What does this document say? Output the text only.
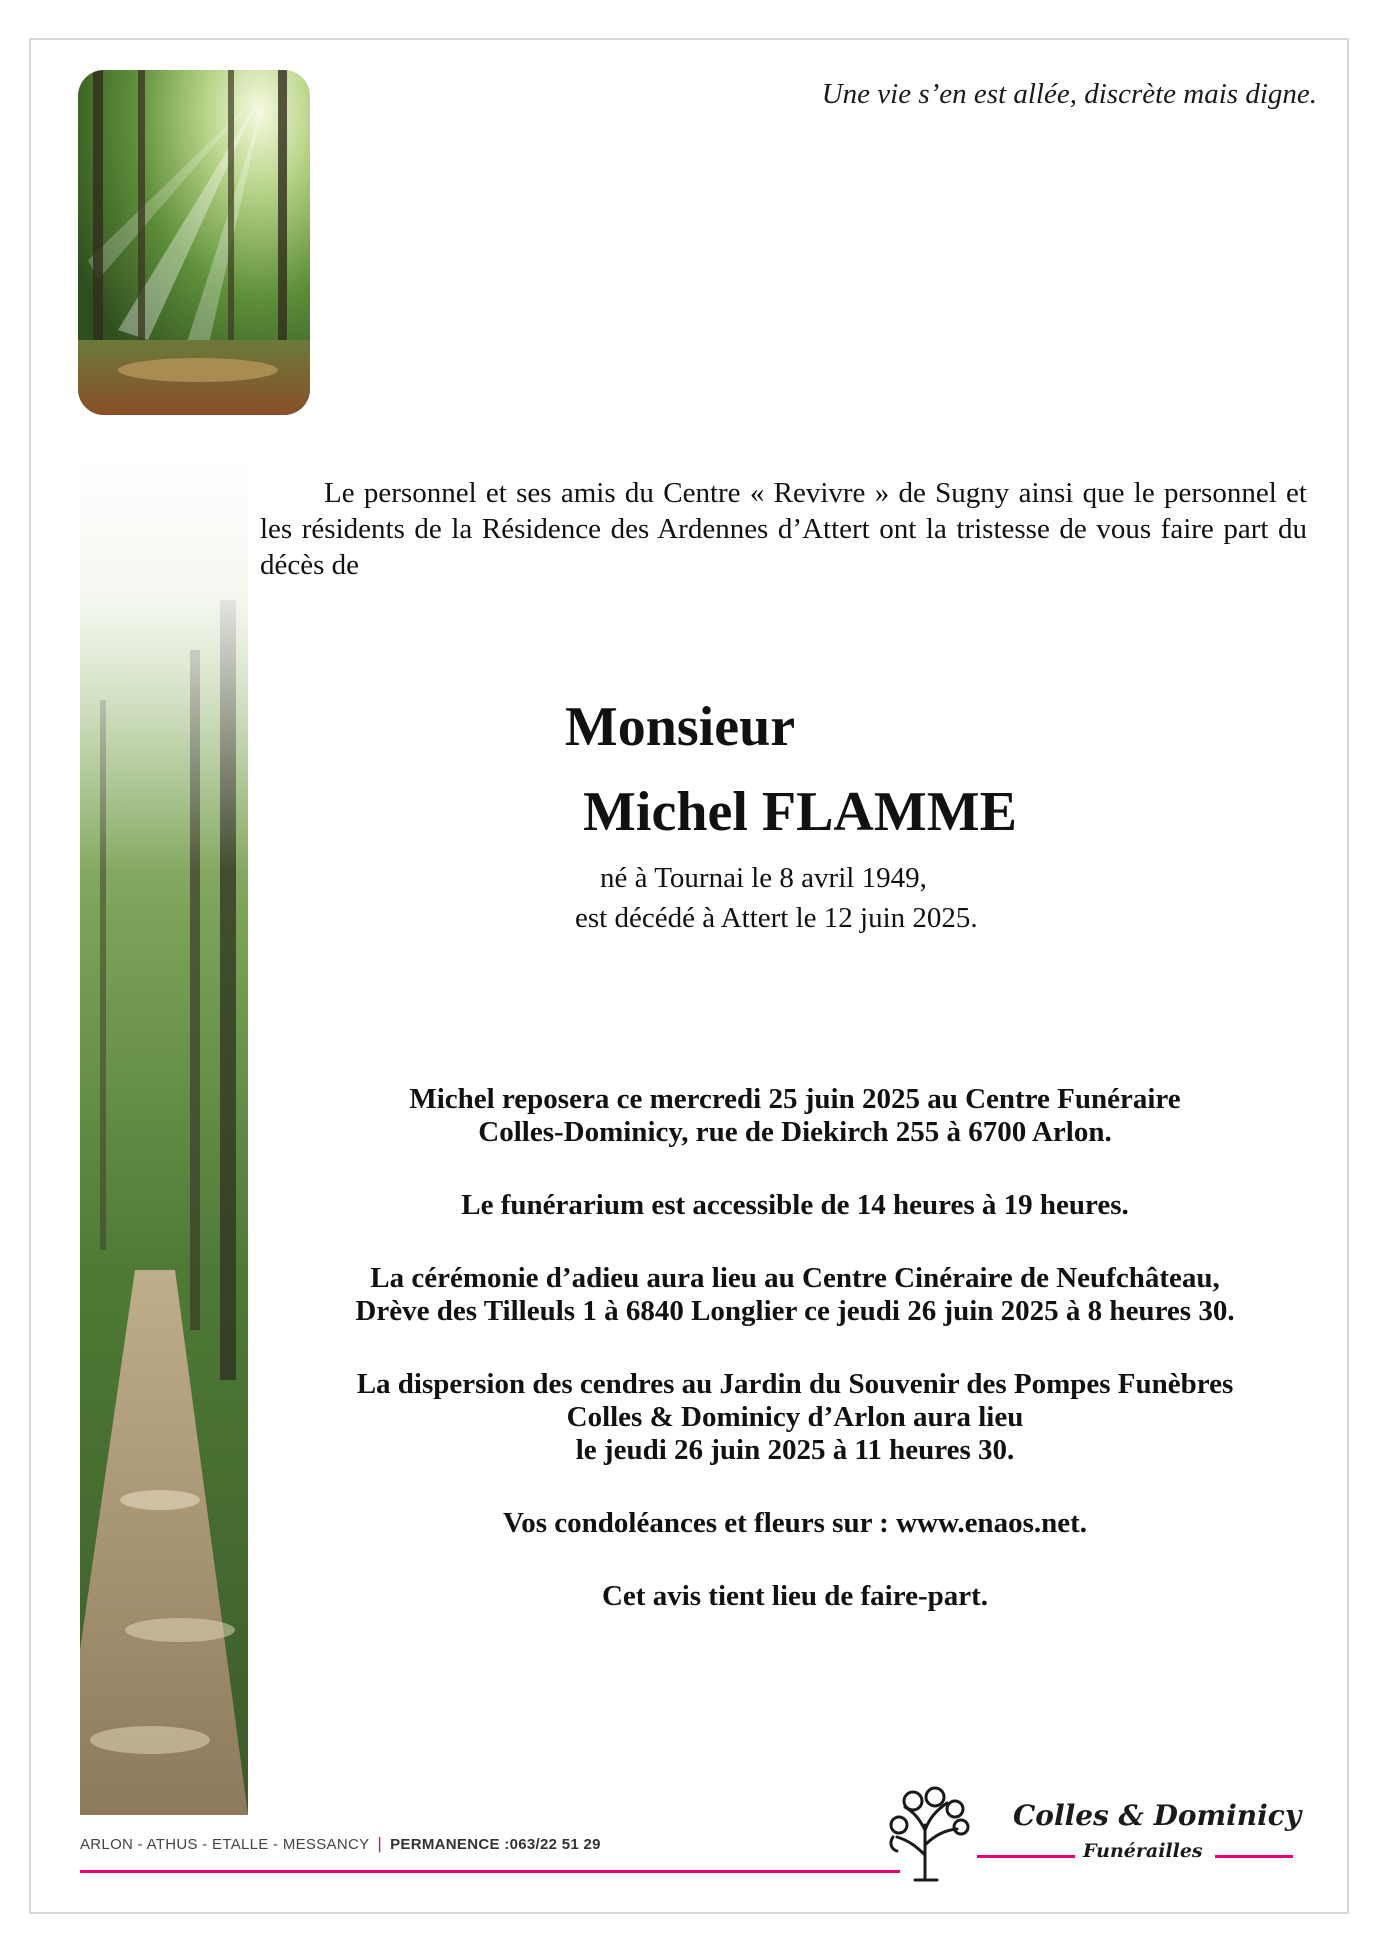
Une vie s’en est allée, discrète mais digne.
Le personnel et ses amis du Centre « Revivre » de Sugny ainsi que le personnel et les résidents de la Résidence des Ardennes d’Attert ont la tristesse de vous faire part du décès de
Monsieur
Michel FLAMME
né à Tournai le 8 avril 1949,
est décédé à Attert le 12 juin 2025.

Michel reposera ce mercredi 25 juin 2025 au Centre Funéraire

Colles-Dominicy, rue de Diekirch 255 à 6700 Arlon.

Le funérarium est accessible de 14 heures à 19 heures.

La cérémonie d’adieu aura lieu au Centre Cinéraire de Neufchâteau,

Drève des Tilleuls 1 à 6840 Longlier ce jeudi 26 juin 2025 à 8 heures 30.

La dispersion des cendres au Jardin du Souvenir des Pompes Funèbres

Colles & Dominicy d’Arlon aura lieu

le jeudi 26 juin 2025 à 11 heures 30.

Vos condoléances et fleurs sur : www.enaos.net.

Cet avis tient lieu de faire-part.

ARLON - ATHUS - ETALLE - MESSANCY | PERMANENCE :063/22 51 29
Colles & Dominicy
Funérailles
